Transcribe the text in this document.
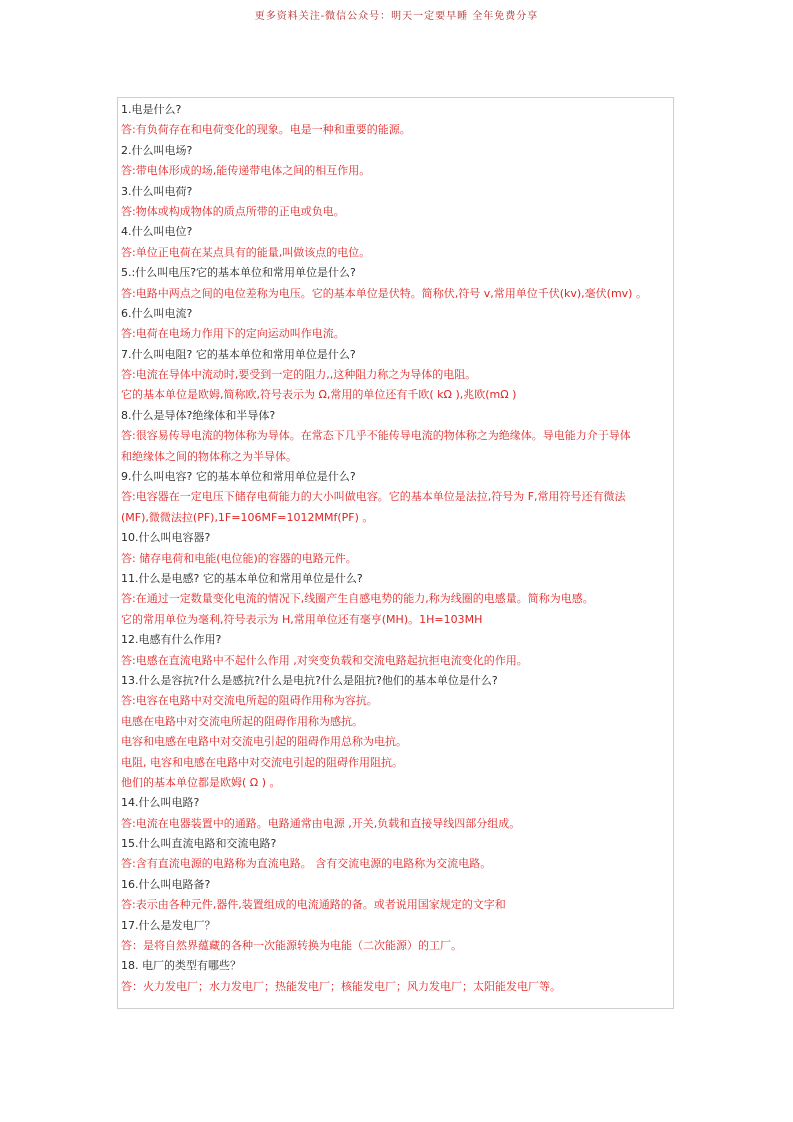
更多资料关注-微信公众号：明天一定要早睡 全年免费分享
1.电是什么?
答:有负荷存在和电荷变化的现象。电是一种和重要的能源。
2.什么叫电场?
答:带电体形成的场,能传递带电体之间的相互作用。
3.什么叫电荷?
答:物体或构成物体的质点所带的正电或负电。
4.什么叫电位?
答:单位正电荷在某点具有的能量,叫做该点的电位。
5.:什么叫电压?它的基本单位和常用单位是什么?
答:电路中两点之间的电位差称为电压。它的基本单位是伏特。简称伏,符号 v,常用单位千伏(kv),毫伏(mv) 。
6.什么叫电流?
答:电荷在电场力作用下的定向运动叫作电流。
7.什么叫电阻? 它的基本单位和常用单位是什么?
答:电流在导体中流动时,要受到一定的阻力,,这种阻力称之为导体的电阻。
它的基本单位是欧姆,简称欧,符号表示为 Ω,常用的单位还有千欧( kΩ ),兆欧(mΩ )
8.什么是导体?绝缘体和半导体?
答:很容易传导电流的物体称为导体。在常态下几乎不能传导电流的物体称之为绝缘体。导电能力介于导体
和绝缘体之间的物体称之为半导体。
9.什么叫电容? 它的基本单位和常用单位是什么?
答:电容器在一定电压下储存电荷能力的大小叫做电容。它的基本单位是法拉,符号为 F,常用符号还有微法
(MF),微微法拉(PF),1F=106MF=1012MMf(PF) 。
10.什么叫电容器?
答: 储存电荷和电能(电位能)的容器的电路元件。
11.什么是电感? 它的基本单位和常用单位是什么?
答:在通过一定数量变化电流的情况下,线圈产生自感电势的能力,称为线圈的电感量。简称为电感。
它的常用单位为毫利,符号表示为 H,常用单位还有毫亨(MH)。1H=103MH
12.电感有什么作用?
答:电感在直流电路中不起什么作用 ,对突变负载和交流电路起抗拒电流变化的作用。
13.什么是容抗?什么是感抗?什么是电抗?什么是阻抗?他们的基本单位是什么?
答:电容在电路中对交流电所起的阻碍作用称为容抗。
电感在电路中对交流电所起的阻碍作用称为感抗。
电容和电感在电路中对交流电引起的阻碍作用总称为电抗。
电阻, 电容和电感在电路中对交流电引起的阻碍作用阻抗。
他们的基本单位都是欧姆( Ω ) 。
14.什么叫电路?
答:电流在电器装置中的通路。电路通常由电源 ,开关,负载和直接导线四部分组成。
15.什么叫直流电路和交流电路?
答:含有直流电源的电路称为直流电路。 含有交流电源的电路称为交流电路。
16.什么叫电路备?
答:表示由各种元件,器件,装置组成的电流通路的备。或者说用国家规定的文字和
17.什么是发电厂？
答：是将自然界蕴藏的各种一次能源转换为电能（二次能源）的工厂。
18. 电厂的类型有哪些？
答：火力发电厂；水力发电厂；热能发电厂；核能发电厂；风力发电厂；太阳能发电厂等。
